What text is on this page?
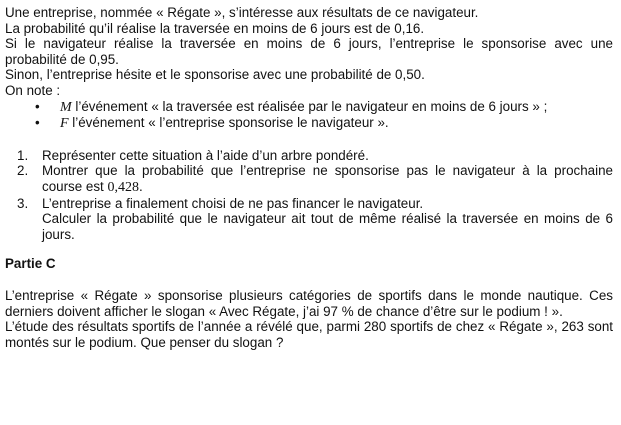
Une entreprise, nommée « Régate », s’intéresse aux résultats de ce navigateur.
La probabilité qu’il réalise la traversée en moins de 6 jours est de 0,16.
Si le navigateur réalise la traversée en moins de 6 jours, l’entreprise le sponsorise avec une probabilité de 0,95.
Sinon, l’entreprise hésite et le sponsorise avec une probabilité de 0,50.
On note :
• M l’événement « la traversée est réalisée par le navigateur en moins de 6 jours » ;
• F l’événement « l’entreprise sponsorise le navigateur ».
1. Représenter cette situation à l’aide d’un arbre pondéré.
2. Montrer que la probabilité que l’entreprise ne sponsorise pas le navigateur à la prochaine course est 0,428.
3. L’entreprise a finalement choisi de ne pas financer le navigateur.
Calculer la probabilité que le navigateur ait tout de même réalisé la traversée en moins de 6 jours.
Partie C
L’entreprise « Régate » sponsorise plusieurs catégories de sportifs dans le monde nautique. Ces derniers doivent afficher le slogan « Avec Régate, j’ai 97 % de chance d’être sur le podium ! ».
L’étude des résultats sportifs de l’année a révélé que, parmi 280 sportifs de chez « Régate », 263 sont montés sur le podium. Que penser du slogan ?
